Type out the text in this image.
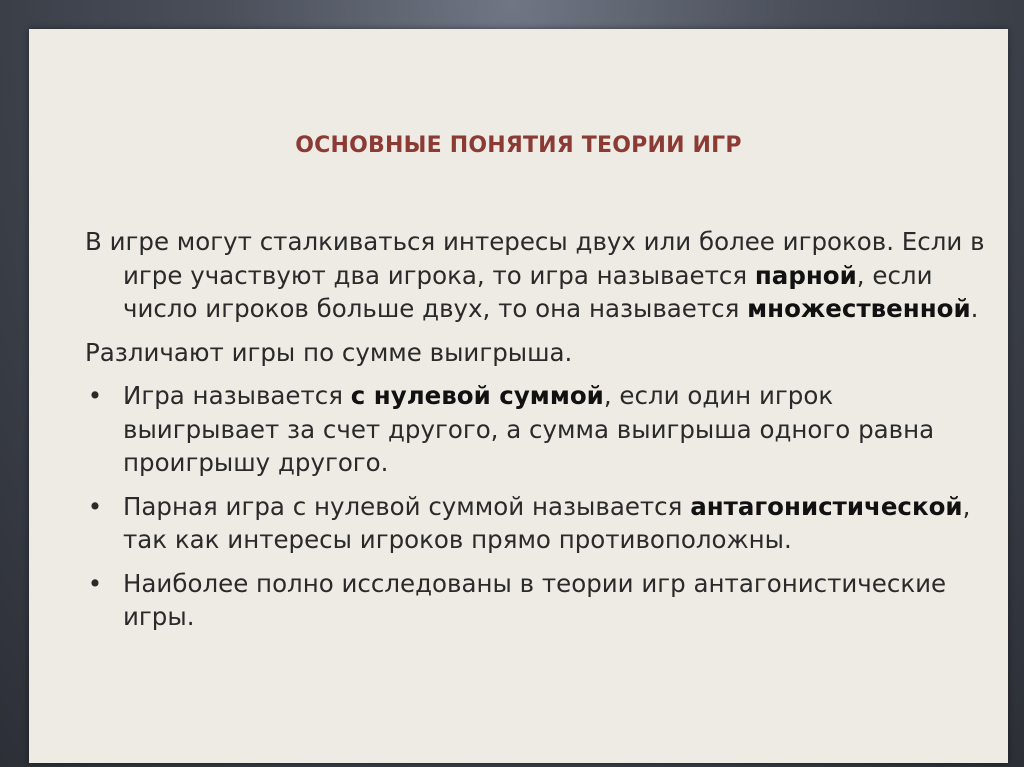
ОСНОВНЫЕ ПОНЯТИЯ ТЕОРИИ ИГР

В игре могут сталкиваться интересы двух или более игроков. Если в игре участвуют два игрока, то игра называется парной, если число игроков больше двух, то она называется множественной.

Различают игры по сумме выигрыша.

• Игра называется с нулевой суммой, если один игрок выигрывает за счет другого, а сумма выигрыша одного равна проигрышу другого.
• Парная игра с нулевой суммой называется антагонистической, так как интересы игроков прямо противоположны.
• Наиболее полно исследованы в теории игр антагонистические игры.
